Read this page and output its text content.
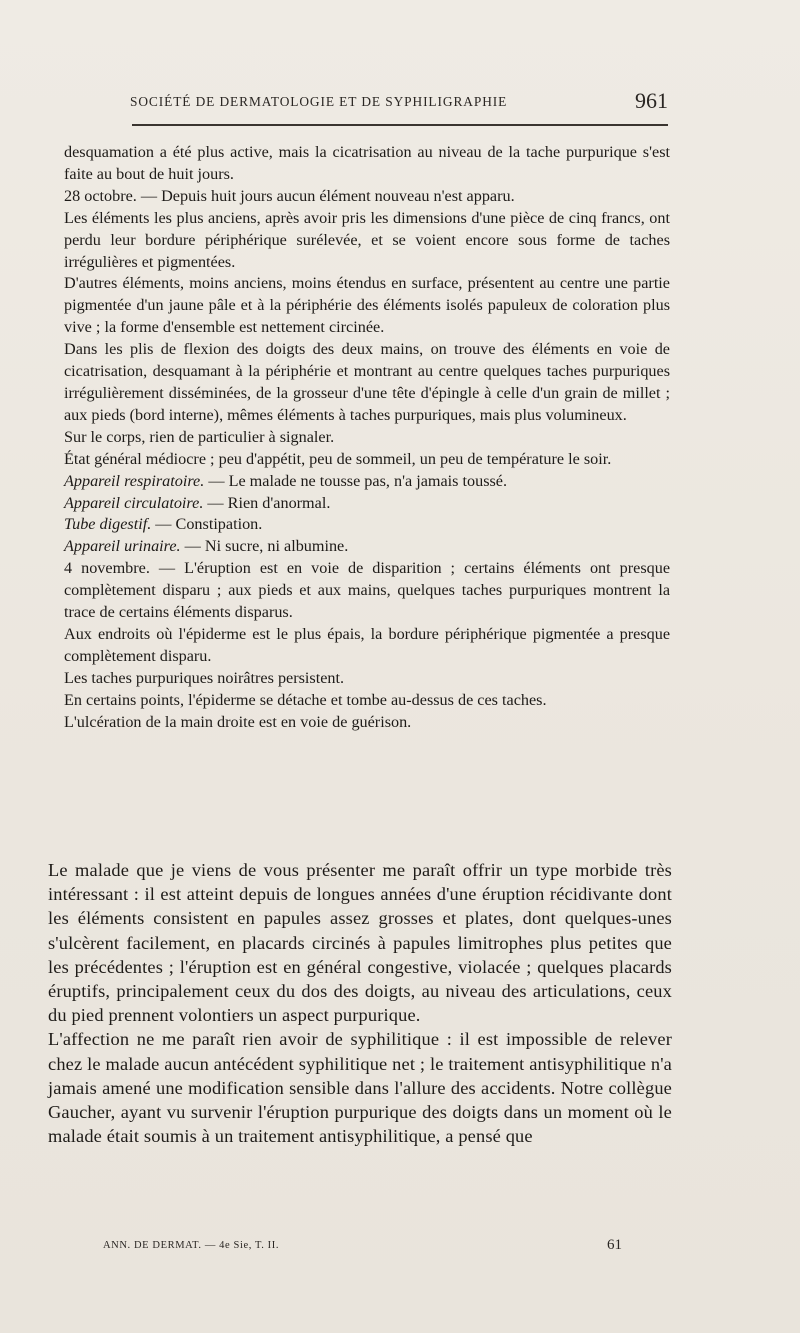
SOCIÉTÉ DE DERMATOLOGIE ET DE SYPHILIGRAPHIE	961

desquamation a été plus active, mais la cicatrisation au niveau de la tache purpurique s'est faite au bout de huit jours.

28 octobre. — Depuis huit jours aucun élément nouveau n'est apparu.

Les éléments les plus anciens, après avoir pris les dimensions d'une pièce de cinq francs, ont perdu leur bordure périphérique surélevée, et se voient encore sous forme de taches irrégulières et pigmentées.

D'autres éléments, moins anciens, moins étendus en surface, présentent au centre une partie pigmentée d'un jaune pâle et à la périphérie des éléments isolés papuleux de coloration plus vive ; la forme d'ensemble est nettement circinée.

Dans les plis de flexion des doigts des deux mains, on trouve des éléments en voie de cicatrisation, desquamant à la périphérie et montrant au centre quelques taches purpuriques irrégulièrement disséminées, de la grosseur d'une tête d'épingle à celle d'un grain de millet ; aux pieds (bord interne), mêmes éléments à taches purpuriques, mais plus volumineux.

Sur le corps, rien de particulier à signaler.

État général médiocre ; peu d'appétit, peu de sommeil, un peu de température le soir.

Appareil respiratoire. — Le malade ne tousse pas, n'a jamais toussé.

Appareil circulatoire. — Rien d'anormal.

Tube digestif. — Constipation.

Appareil urinaire. — Ni sucre, ni albumine.

4 novembre. — L'éruption est en voie de disparition ; certains éléments ont presque complètement disparu ; aux pieds et aux mains, quelques taches purpuriques montrent la trace de certains éléments disparus.

Aux endroits où l'épiderme est le plus épais, la bordure périphérique pigmentée a presque complètement disparu.

Les taches purpuriques noirâtres persistent.

En certains points, l'épiderme se détache et tombe au-dessus de ces taches.

L'ulcération de la main droite est en voie de guérison.

Le malade que je viens de vous présenter me paraît offrir un type morbide très intéressant : il est atteint depuis de longues années d'une éruption récidivante dont les éléments consistent en papules assez grosses et plates, dont quelques-unes s'ulcèrent facilement, en placards circinés à papules limitrophes plus petites que les précédentes ; l'éruption est en général congestive, violacée ; quelques placards éruptifs, principalement ceux du dos des doigts, au niveau des articulations, ceux du pied prennent volontiers un aspect purpurique.

L'affection ne me paraît rien avoir de syphilitique : il est impossible de relever chez le malade aucun antécédent syphilitique net ; le traitement antisyphilitique n'a jamais amené une modification sensible dans l'allure des accidents. Notre collègue Gaucher, ayant vu survenir l'éruption purpurique des doigts dans un moment où le malade était soumis à un traitement antisyphilitique, a pensé que

ANN. DE DERMAT. — 4e Sie, T. II.	61
